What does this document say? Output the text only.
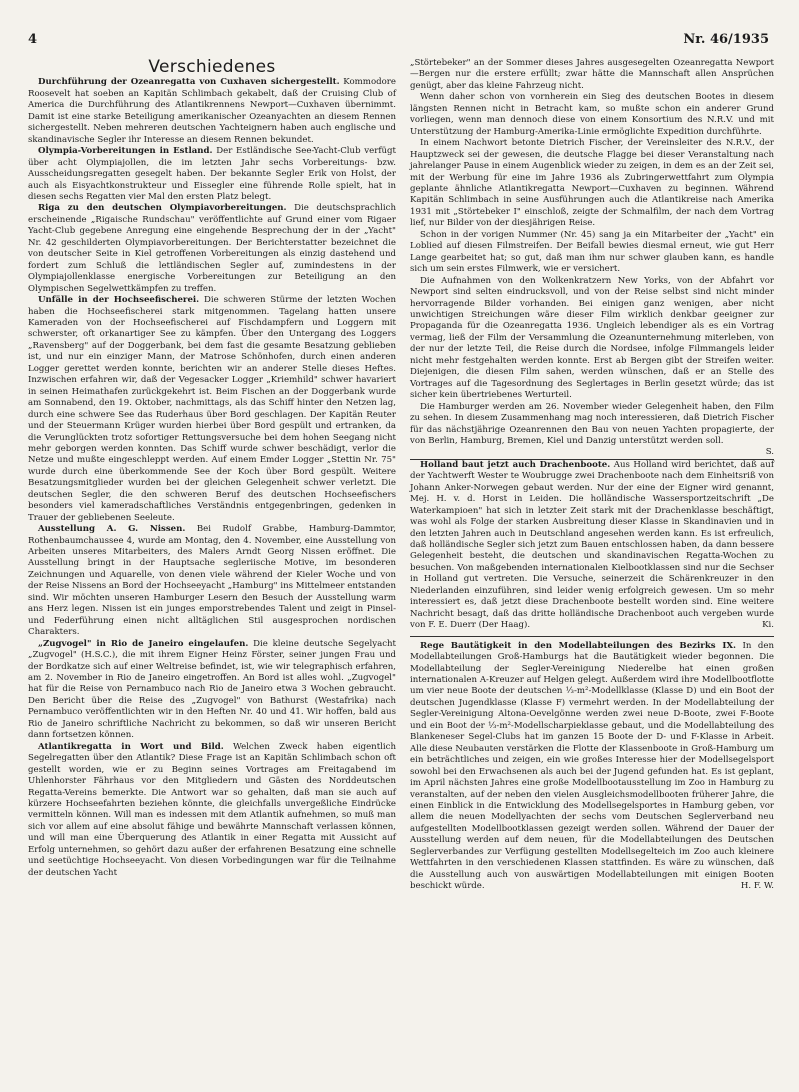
4	Nr. 46/1935
Verschiedenes

Durchführung der Ozeanregatta von Cuxhaven sichergestellt. Kommodore Roosevelt hat soeben an Kapitän Schlimbach gekabelt, daß der Cruising Club of America die Durchführung des Atlantikrennens Newport—Cuxhaven übernimmt. Damit ist eine starke Beteiligung amerikanischer Ozeanyachten an diesem Rennen sichergestellt. Neben mehreren deutschen Yachteignern haben auch englische und skandinavische Segler ihr Interesse an diesem Rennen bekundet.

Olympia-Vorbereitungen in Estland. Der Estländische See-Yacht-Club verfügt über acht Olympiajollen, die im letzten Jahr sechs Vorbereitungs- bzw. Ausscheidungsregatten gesegelt haben. Der bekannte Segler Erik von Holst, der auch als Eisyachtkonstrukteur und Eissegler eine führende Rolle spielt, hat in diesen sechs Regatten vier Mal den ersten Platz belegt.

Riga zu den deutschen Olympiavorbereitungen. Die deutschsprachlich erscheinende „Rigaische Rundschau" veröffentlichte auf Grund einer vom Rigaer Yacht-Club gegebene Anregung eine eingehende Besprechung der in der „Yacht" Nr. 42 geschilderten Olympiavorbereitungen. Der Berichterstatter bezeichnet die von deutscher Seite in Kiel getroffenen Vorbereitungen als einzig dastehend und fordert zum Schluß die lettländischen Segler auf, zumindestens in der Olympiajollenklasse energische Vorbereitungen zur Beteiligung an den Olympischen Segelwettkämpfen zu treffen.

Unfälle in der Hochseefischerei. Die schweren Stürme der letzten Wochen haben die Hochseefischerei stark mitgenommen. Tagelang hatten unsere Kameraden von der Hochseefischerei auf Fischdampfern und Loggern mit schwerster, oft orkanartiger See zu kämpfen. Über den Untergang des Loggers „Ravensberg" auf der Doggerbank, bei dem fast die gesamte Besatzung geblieben ist, und nur ein einziger Mann, der Matrose Schönhofen, durch einen anderen Logger gerettet werden konnte, berichten wir an anderer Stelle dieses Heftes. Inzwischen erfahren wir, daß der Vegesacker Logger „Kriemhild" schwer havariert in seinen Heimathafen zurückgekehrt ist. Beim Fischen an der Doggerbank wurde am Sonnabend, den 19. Oktober, nachmittags, als das Schiff hinter den Netzen lag, durch eine schwere See das Ruderhaus über Bord geschlagen. Der Kapitän Reuter und der Steuermann Krüger wurden hierbei über Bord gespült und ertranken, da die Verunglückten trotz sofortiger Rettungsversuche bei dem hohen Seegang nicht mehr geborgen werden konnten. Das Schiff wurde schwer beschädigt, verlor die Netze und mußte eingeschleppt werden. Auf einem Emder Logger „Stettin Nr. 75" wurde durch eine überkommende See der Koch über Bord gespült. Weitere Besatzungsmitglieder wurden bei der gleichen Gelegenheit schwer verletzt. Die deutschen Segler, die den schweren Beruf des deutschen Hochseefischers besonders viel kameradschaftliches Verständnis entgegenbringen, gedenken in Trauer der gebliebenen Seeleute.

Ausstellung A. G. Nissen. Bei Rudolf Grabbe, Hamburg-Dammtor, Rothenbaumchaussee 4, wurde am Montag, den 4. November, eine Ausstellung von Arbeiten unseres Mitarbeiters, des Malers Arndt Georg Nissen eröffnet. Die Ausstellung bringt in der Hauptsache segleriische Motive, im besonderen Zeichnungen und Aquarelle, von denen viele während der Kieler Woche und von der Reise Nissens an Bord der Hochseeyacht „Hamburg" ins Mittelmeer entstanden sind. Wir möchten unseren Hamburger Lesern den Besuch der Ausstellung warm ans Herz legen. Nissen ist ein junges emporstrebendes Talent und zeigt in Pinsel- und Federführung einen nicht alltäglichen Stil ausgesprochen nordischen Charakters.

„Zugvogel" in Rio de Janeiro eingelaufen. Die kleine deutsche Segelyacht „Zugvogel" (H.S.C.), die mit ihrem Eigner Heinz Förster, seiner jungen Frau und der Bordkatze sich auf einer Weltreise befindet, ist, wie wir telegraphisch erfahren, am 2. November in Rio de Janeiro eingetroffen. An Bord ist alles wohl. „Zugvogel" hat für die Reise von Pernambuco nach Rio de Janeiro etwa 3 Wochen gebraucht. Den Bericht über die Reise des „Zugvogel" von Bathurst (Westafrika) nach Pernambuco veröffentlichten wir in den Heften Nr. 40 und 41. Wir hoffen, bald aus Rio de Janeiro schriftliche Nachricht zu bekommen, so daß wir unseren Bericht dann fortsetzen können.

Atlantikregatta in Wort und Bild. Welchen Zweck haben eigentlich Segelregatten über den Atlantik? Diese Frage ist an Kapitän Schlimbach schon oft gestellt worden, wie er zu Beginn seines Vortrages am Freitagabend im Uhlenhorster Fährhaus vor den Mitgliedern und Gästen des Norddeutschen Regatta-Vereins bemerkte. Die Antwort war so gehalten, daß man sie auch auf kürzere Hochseefahrten beziehen könnte, die gleichfalls unvergeßliche Eindrücke vermitteln können. Will man es indessen mit dem Atlantik aufnehmen, so muß man sich vor allem auf eine absolut fähige und bewährte Mannschaft verlassen können, und will man eine Überquerung des Atlantik in einer Regatta mit Aussicht auf Erfolg unternehmen, so gehört dazu außer der erfahrenen Besatzung eine schnelle und seetüchtige Hochseeyacht. Von diesen Vorbedingungen war für die Teilnahme der deutschen Yacht

„Störtebeker" an der Sommer dieses Jahres ausgesegelten Ozeanregatta Newport—Bergen nur die erstere erfüllt; zwar hätte die Mannschaft allen Ansprüchen genügt, aber das kleine Fahrzeug nicht.

Wenn daher schon von vornherein ein Sieg des deutschen Bootes in diesem längsten Rennen nicht in Betracht kam, so mußte schon ein anderer Grund vorliegen, wenn man dennoch diese von einem Konsortium des N.R.V. und mit Unterstützung der Hamburg-Amerika-Linie ermöglichte Expedition durchführte.

In einem Nachwort betonte Dietrich Fischer, der Vereinsleiter des N.R.V., der Hauptzweck sei der gewesen, die deutsche Flagge bei dieser Veranstaltung nach jahrelanger Pause in einem Augenblick wieder zu zeigen, in dem es an der Zeit sei, mit der Werbung für eine im Jahre 1936 als Zubringerwettfahrt zum Olympia geplante ähnliche Atlantikregatta Newport—Cuxhaven zu beginnen. Während Kapitän Schlimbach in seine Ausführungen auch die Atlantikreise nach Amerika 1931 mit „Störtebeker I" einschloß, zeigte der Schmalfilm, der nach dem Vortrag lief, nur Bilder von der diesjährigen Reise.

Schon in der vorigen Nummer (Nr. 45) sang ja ein Mitarbeiter der „Yacht" ein Loblied auf diesen Filmstreifen. Der Beifall bewies diesmal erneut, wie gut Herr Lange gearbeitet hat; so gut, daß man ihm nur schwer glauben kann, es handle sich um sein erstes Filmwerk, wie er versichert.

Die Aufnahmen von den Wolkenkratzern New Yorks, von der Abfahrt vor Newport sind selten eindrucksvoll, und von der Reise selbst sind nicht minder hervorragende Bilder vorhanden. Bei einigen ganz wenigen, aber nicht unwichtigen Streichungen wäre dieser Film wirklich denkbar geeigner zur Propaganda für die Ozeanregatta 1936. Ungleich lebendiger als es ein Vortrag vermag, ließ der Film der Versammlung die Ozeanunternehmung miterleben, von der nur der letzte Teil, die Reise durch die Nordsee, infolge Filmmangels leider nicht mehr festgehalten werden konnte. Erst ab Bergen gibt der Streifen weiter. Diejenigen, die diesen Film sahen, werden wünschen, daß er an Stelle des Vortrages auf die Tagesordnung des Seglertages in Berlin gesetzt würde; das ist sicher kein übertriebenes Werturteil.

Die Hamburger werden am 26. November wieder Gelegenheit haben, den Film zu sehen. In diesem Zusammenhang mag noch interessieren, daß Dietrich Fischer für das nächstjährige Ozeanrennen den Bau von neuen Yachten propagierte, der von Berlin, Hamburg, Bremen, Kiel und Danzig unterstützt werden soll.

S.

Holland baut jetzt auch Drachenboote. Aus Holland wird berichtet, daß auf der Yachtwerft Wester te Woubrugge zwei Drachenboote nach dem Einheitsriß von Johann Anker-Norwegen gebaut werden. Nur der eine der Eigner wird genannt, Mej. H. v. d. Horst in Leiden. Die holländische Wassersportzeitschrift „De Waterkampioen" hat sich in letzter Zeit stark mit der Drachenklasse beschäftigt, was wohl als Folge der starken Ausbreitung dieser Klasse in Skandinavien und in den letzten Jahren auch in Deutschland angesehen werden kann. Es ist erfreulich, daß holländische Segler sich jetzt zum Bauen entschlossen haben, da dann bessere Gelegenheit besteht, die deutschen und skandinavischen Regatta-Wochen zu besuchen. Von maßgebenden internationalen Kielbootklassen sind nur die Sechser in Holland gut vertreten. Die Versuche, seinerzeit die Schärenkreuzer in den Niederlanden einzuführen, sind leider wenig erfolgreich gewesen. Um so mehr interessiert es, daß jetzt diese Drachenboote bestellt worden sind. Eine weitere Nachricht besagt, daß das dritte holländische Drachenboot auch vergeben wurde von F. E. Duerr (Der Haag).	Ki.

Rege Bautätigkeit in den Modellabteilungen des Bezirks IX. In den Modellabteilungen Groß-Hamburgs hat die Bautätigkeit wieder begonnen. Die Modellabteilung der Segler-Vereinigung Niederelbe hat einen großen internationalen A-Kreuzer auf Helgen gelegt. Außerdem wird ihre Modellbootflotte um vier neue Boote der deutschen ⅓-m²-Modellklasse (Klasse D) und ein Boot der deutschen Jugendklasse (Klasse F) vermehrt werden. In der Modellabteilung der Segler-Vereinigung Altona-Oevelgönne werden zwei neue D-Boote, zwei F-Boote und ein Boot der ⅓-m²-Modellscharpieklasse gebaut, und die Modellabteilung des Blankeneser Segel-Clubs hat im ganzen 15 Boote der D- und F-Klasse in Arbeit. Alle diese Neubauten verstärken die Flotte der Klassenboote in Groß-Hamburg um ein beträchtliches und zeigen, ein wie großes Interesse hier der Modellsegelsport sowohl bei den Erwachsenen als auch bei der Jugend gefunden hat. Es ist geplant, im April nächsten Jahres eine große Modellbootausstellung im Zoo in Hamburg zu veranstalten, auf der neben den vielen Ausgleichsmodellbooten früherer Jahre, die einen Einblick in die Entwicklung des Modellsegelsportes in Hamburg geben, vor allem die neuen Modellyachten der sechs vom Deutschen Seglerverband neu aufgestellten Modellbootklassen gezeigt werden sollen. Während der Dauer der Ausstellung werden auf dem neuen, für die Modellabteilungen des Deutschen Seglerverbandes zur Verfügung gestellten Modellsegelteich im Zoo auch kleinere Wettfahrten in den verschiedenen Klassen stattfinden. Es wäre zu wünschen, daß die Ausstellung auch von auswärtigen Modellabteilungen mit einigen Booten beschickt würde.	H. F. W.
